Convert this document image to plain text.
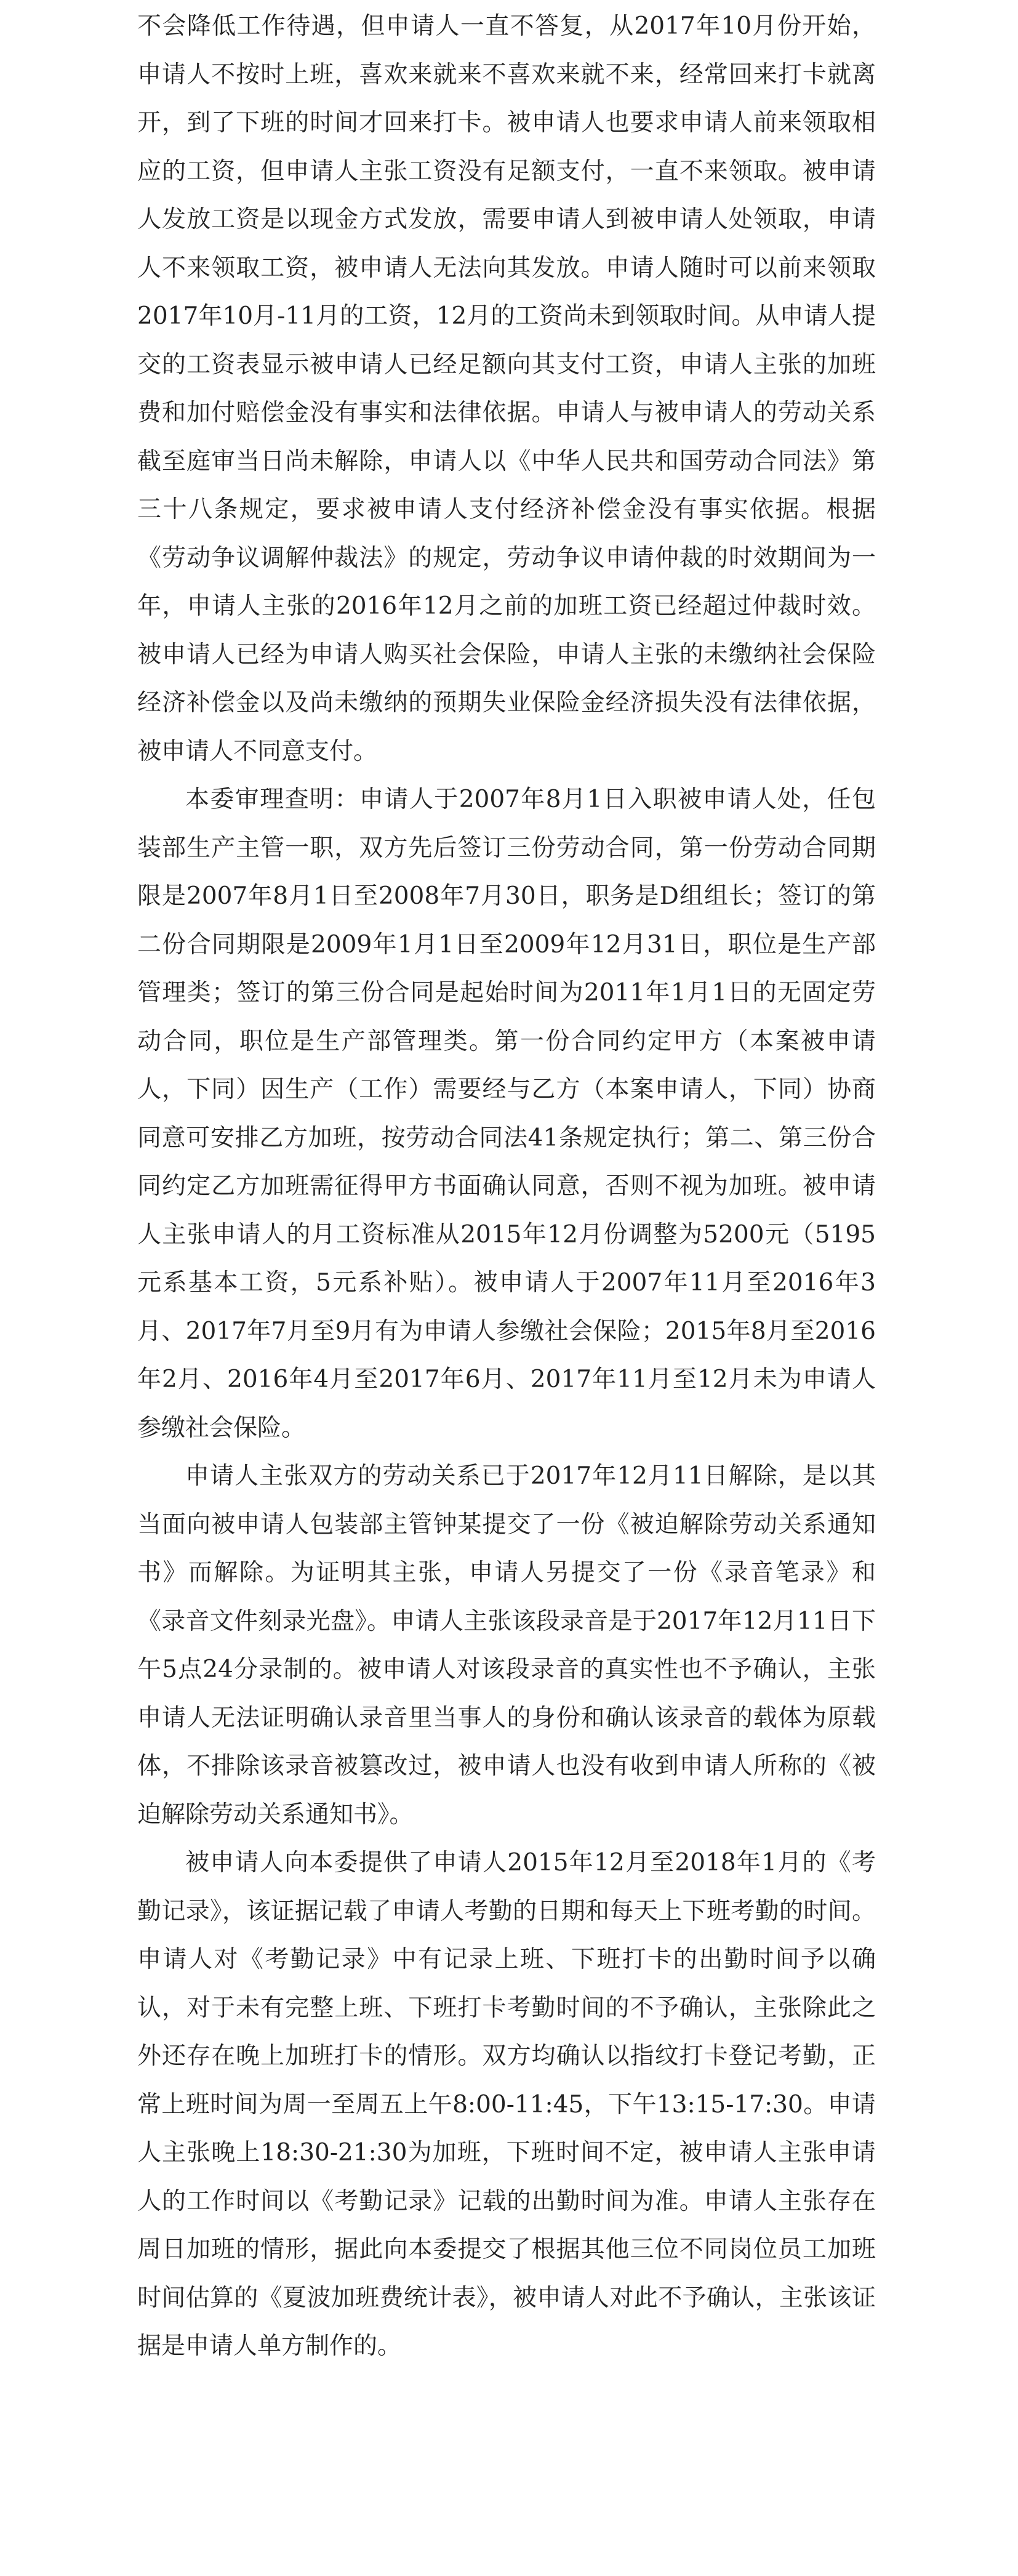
不会降低工作待遇，但申请人一直不答复，从2017年10月份开始，申请人不按时上班，喜欢来就来不喜欢来就不来，经常回来打卡就离开，到了下班的时间才回来打卡。被申请人也要求申请人前来领取相应的工资，但申请人主张工资没有足额支付，一直不来领取。被申请人发放工资是以现金方式发放，需要申请人到被申请人处领取，申请人不来领取工资，被申请人无法向其发放。申请人随时可以前来领取2017年10月-11月的工资，12月的工资尚未到领取时间。从申请人提交的工资表显示被申请人已经足额向其支付工资，申请人主张的加班费和加付赔偿金没有事实和法律依据。申请人与被申请人的劳动关系截至庭审当日尚未解除，申请人以《中华人民共和国劳动合同法》第三十八条规定，要求被申请人支付经济补偿金没有事实依据。根据《劳动争议调解仲裁法》的规定，劳动争议申请仲裁的时效期间为一年，申请人主张的2016年12月之前的加班工资已经超过仲裁时效。被申请人已经为申请人购买社会保险，申请人主张的未缴纳社会保险经济补偿金以及尚未缴纳的预期失业保险金经济损失没有法律依据，被申请人不同意支付。

本委审理查明：申请人于2007年8月1日入职被申请人处，任包装部生产主管一职，双方先后签订三份劳动合同，第一份劳动合同期限是2007年8月1日至2008年7月30日，职务是D组组长；签订的第二份合同期限是2009年1月1日至2009年12月31日，职位是生产部管理类；签订的第三份合同是起始时间为2011年1月1日的无固定劳动合同，职位是生产部管理类。第一份合同约定甲方（本案被申请人，下同）因生产（工作）需要经与乙方（本案申请人，下同）协商同意可安排乙方加班，按劳动合同法41条规定执行；第二、第三份合同约定乙方加班需征得甲方书面确认同意，否则不视为加班。被申请人主张申请人的月工资标准从2015年12月份调整为5200元（5195元系基本工资，5元系补贴）。被申请人于2007年11月至2016年3月、2017年7月至9月有为申请人参缴社会保险；2015年8月至2016年2月、2016年4月至2017年6月、2017年11月至12月未为申请人参缴社会保险。

申请人主张双方的劳动关系已于2017年12月11日解除，是以其当面向被申请人包装部主管钟某提交了一份《被迫解除劳动关系通知书》而解除。为证明其主张，申请人另提交了一份《录音笔录》和《录音文件刻录光盘》。申请人主张该段录音是于2017年12月11日下午5点24分录制的。被申请人对该段录音的真实性也不予确认，主张申请人无法证明确认录音里当事人的身份和确认该录音的载体为原载体，不排除该录音被篡改过，被申请人也没有收到申请人所称的《被迫解除劳动关系通知书》。

被申请人向本委提供了申请人2015年12月至2018年1月的《考勤记录》，该证据记载了申请人考勤的日期和每天上下班考勤的时间。申请人对《考勤记录》中有记录上班、下班打卡的出勤时间予以确认，对于未有完整上班、下班打卡考勤时间的不予确认，主张除此之外还存在晚上加班打卡的情形。双方均确认以指纹打卡登记考勤，正常上班时间为周一至周五上午8:00-11:45，下午13:15-17:30。申请人主张晚上18:30-21:30为加班，下班时间不定，被申请人主张申请人的工作时间以《考勤记录》记载的出勤时间为准。申请人主张存在周日加班的情形，据此向本委提交了根据其他三位不同岗位员工加班时间估算的《夏波加班费统计表》，被申请人对此不予确认，主张该证据是申请人单方制作的。
